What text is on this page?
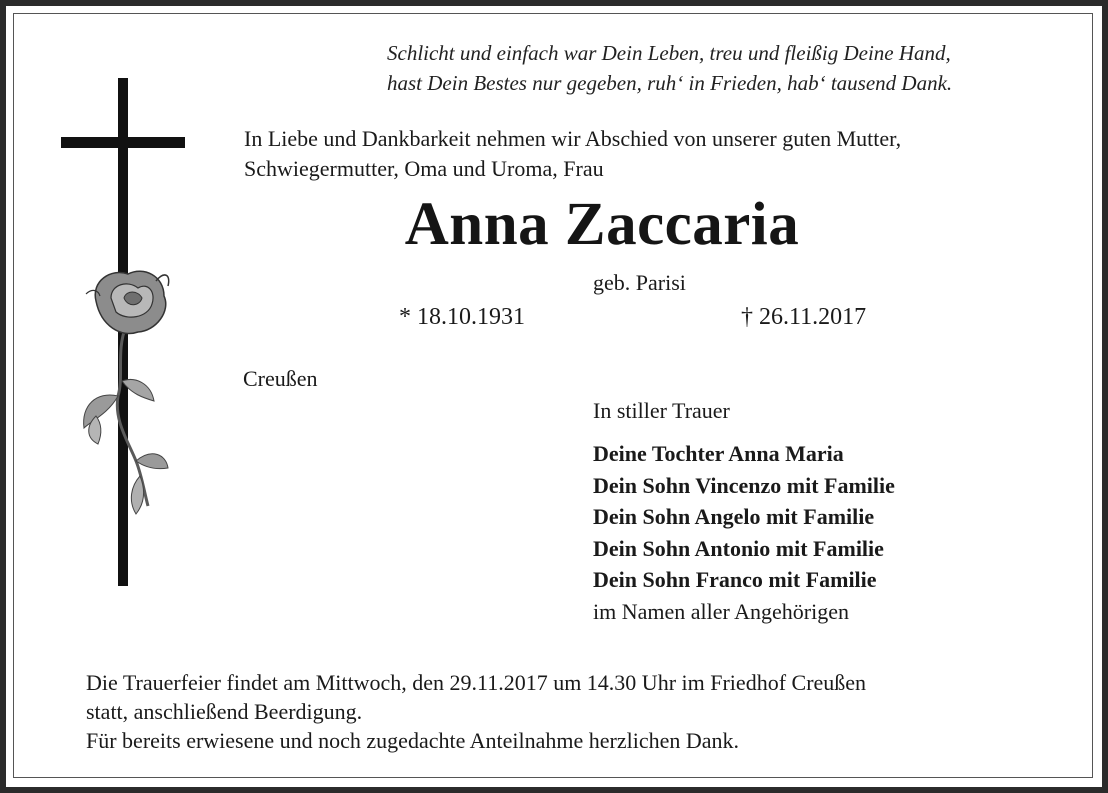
Schlicht und einfach war Dein Leben, treu und fleißig Deine Hand,
hast Dein Bestes nur gegeben, ruh‘ in Frieden, hab‘ tausend Dank.
In Liebe und Dankbarkeit nehmen wir Abschied von unserer guten Mutter,
Schwiegermutter, Oma und Uroma, Frau
Anna Zaccaria
geb. Parisi
* 18.10.1931	† 26.11.2017
Creußen
In stiller Trauer
Deine Tochter Anna Maria
Dein Sohn Vincenzo mit Familie
Dein Sohn Angelo mit Familie
Dein Sohn Antonio mit Familie
Dein Sohn Franco mit Familie
im Namen aller Angehörigen
Die Trauerfeier findet am Mittwoch, den 29.11.2017 um 14.30 Uhr im Friedhof Creußen
statt, anschließend Beerdigung.
Für bereits erwiesene und noch zugedachte Anteilnahme herzlichen Dank.
